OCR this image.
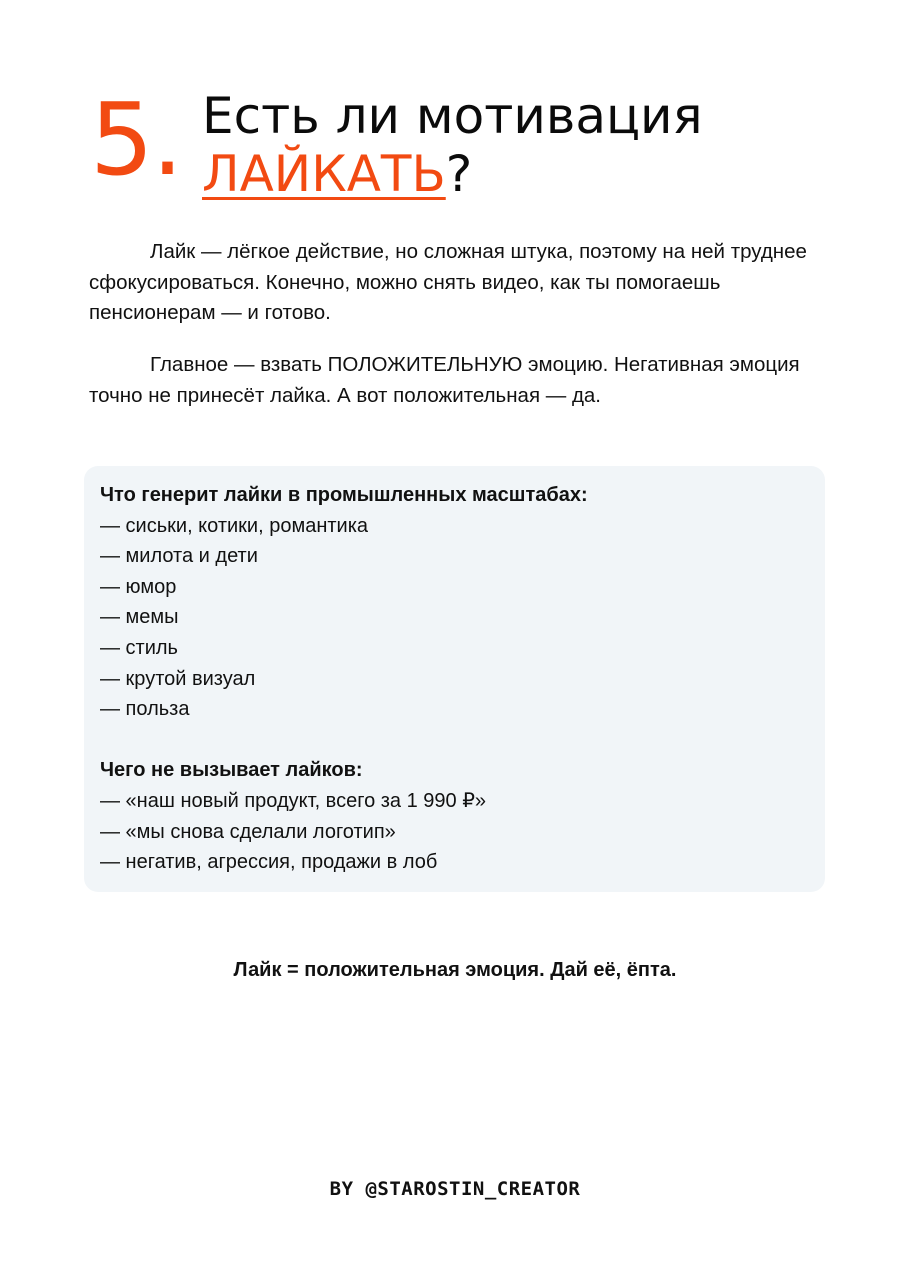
5. Есть ли мотивация
ЛАЙКАТЬ?

Лайк — лёгкое действие, но сложная штука, поэтому на ней труднее сфокусироваться. Конечно, можно снять видео, как ты помогаешь пенсионерам — и готово.

Главное — взвать ПОЛОЖИТЕЛЬНУЮ эмоцию. Негативная эмоция точно не принесёт лайка. А вот положительная — да.

Что генерит лайки в промышленных масштабах:
— сиськи, котики, романтика
— милота и дети
— юмор
— мемы
— стиль
— крутой визуал
— польза
Чего не вызывает лайков:
— «наш новый продукт, всего за 1 990 ₽»
— «мы снова сделали логотип»
— негатив, агрессия, продажи в лоб
Лайк = положительная эмоция. Дай её, ёпта.
BY @STAROSTIN_CREATOR
